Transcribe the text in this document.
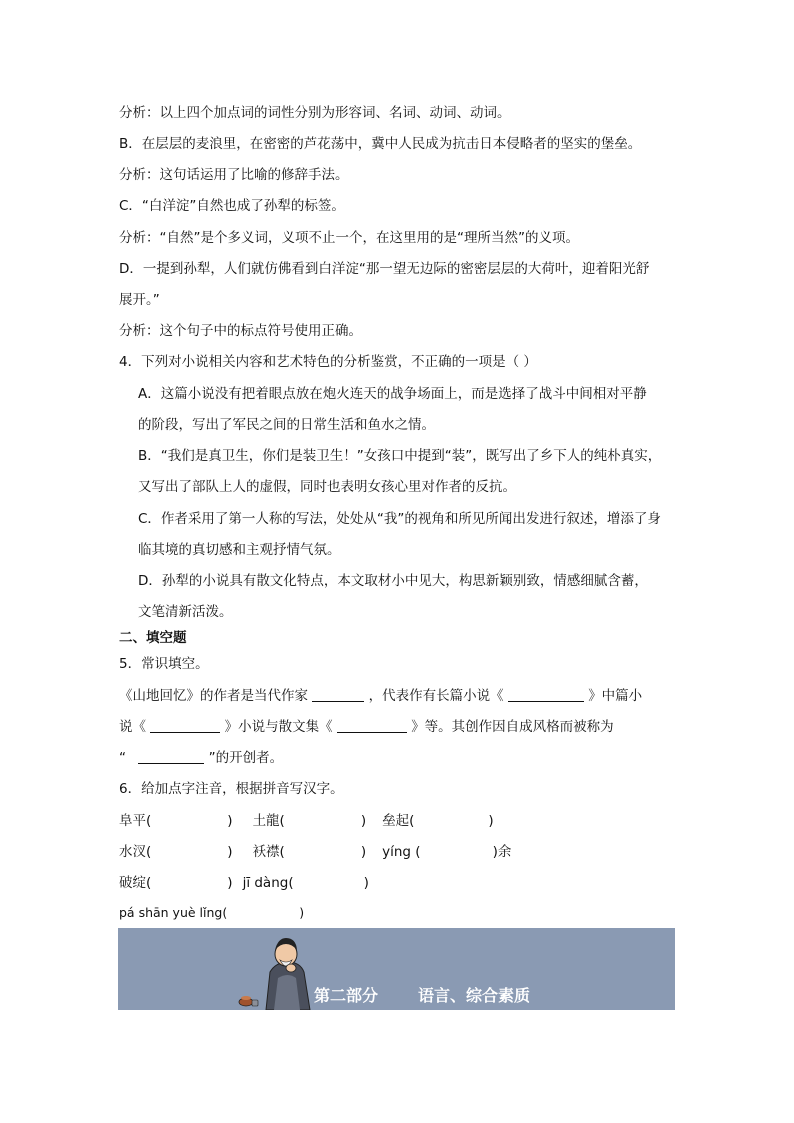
分析：以上四个加点词的词性分别为形容词、名词、动词、动词。
B．在层层的麦浪里，在密密的芦花荡中，冀中人民成为抗击日本侵略者的坚实的堡垒。
分析：这句话运用了比喻的修辞手法。
C．“白洋淀”自然也成了孙犁的标签。
分析：“自然”是个多义词，义项不止一个，在这里用的是“理所当然”的义项。
D．一提到孙犁，人们就仿佛看到白洋淀“那一望无边际的密密层层的大荷叶，迎着阳光舒
展开。”
分析：这个句子中的标点符号使用正确。
4．下列对小说相关内容和艺术特色的分析鉴赏，不正确的一项是（ ）
A．这篇小说没有把着眼点放在炮火连天的战争场面上，而是选择了战斗中间相对平静
的阶段，写出了军民之间的日常生活和鱼水之情。
B．“我们是真卫生，你们是装卫生！”女孩口中提到“装”，既写出了乡下人的纯朴真实，
又写出了部队上人的虚假，同时也表明女孩心里对作者的反抗。
C．作者采用了第一人称的写法，处处从“我”的视角和所见所闻出发进行叙述，增添了身
临其境的真切感和主观抒情气氛。
D．孙犁的小说具有散文化特点，本文取材小中见大，构思新颖别致，情感细腻含蓄，
文笔清新活泼。
二、填空题
5．常识填空。
《山地回忆》的作者是当代作家	，代表作有长篇小说《	》中篇小
说《	》小说与散文集《	》等。其创作因自成风格而被称为
“	”的开创者。
6．给加点字注音，根据拼音写汉字。
阜平(	) 土龍(	) 垒起(	)
水汊(	) 袄襟(	) yíng (	)余
破绽(	) jī dàng(	)
pá shān yuè lǐng(	)
第二部分	语言、综合素质
